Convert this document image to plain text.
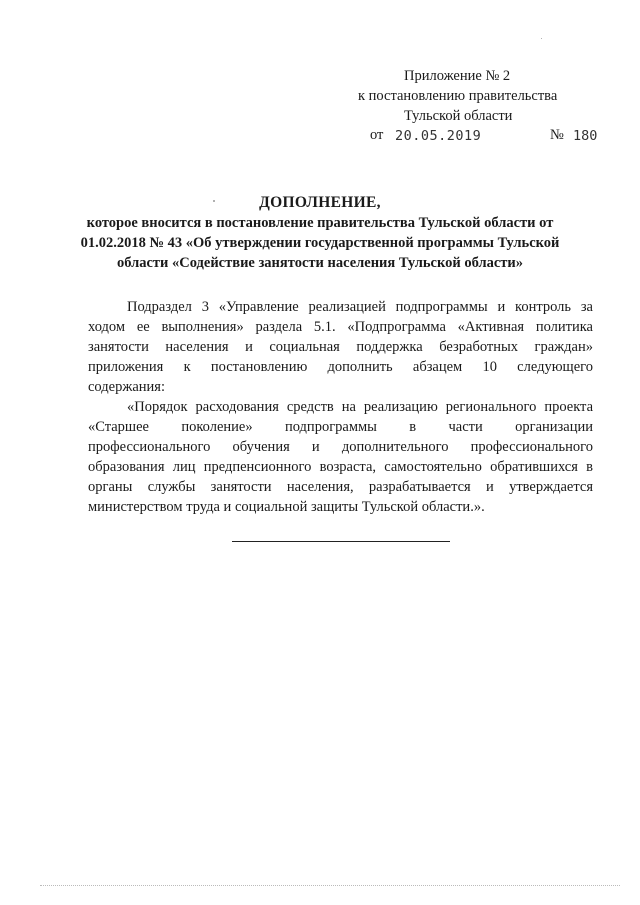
Приложение № 2
к постановлению правительства
Тульской области
от 20.05.2019	№ 180
ДОПОЛНЕНИЕ,
которое вносится в постановление правительства Тульской области от
01.02.2018 № 43 «Об утверждении государственной программы Тульской
области «Содействие занятости населения Тульской области»

Подраздел 3 «Управление реализацией подпрограммы и контроль за
ходом ее выполнения» раздела 5.1. «Подпрограмма «Активная политика
занятости населения и социальная поддержка безработных граждан»
приложения к постановлению дополнить абзацем 10 следующего
содержания:

«Порядок расходования средств на реализацию регионального проекта
«Старшее поколение» подпрограммы в части организации
профессионального обучения и дополнительного профессионального
образования лиц предпенсионного возраста, самостоятельно обратившихся в
органы службы занятости населения, разрабатывается и утверждается
министерством труда и социальной защиты Тульской области.».
